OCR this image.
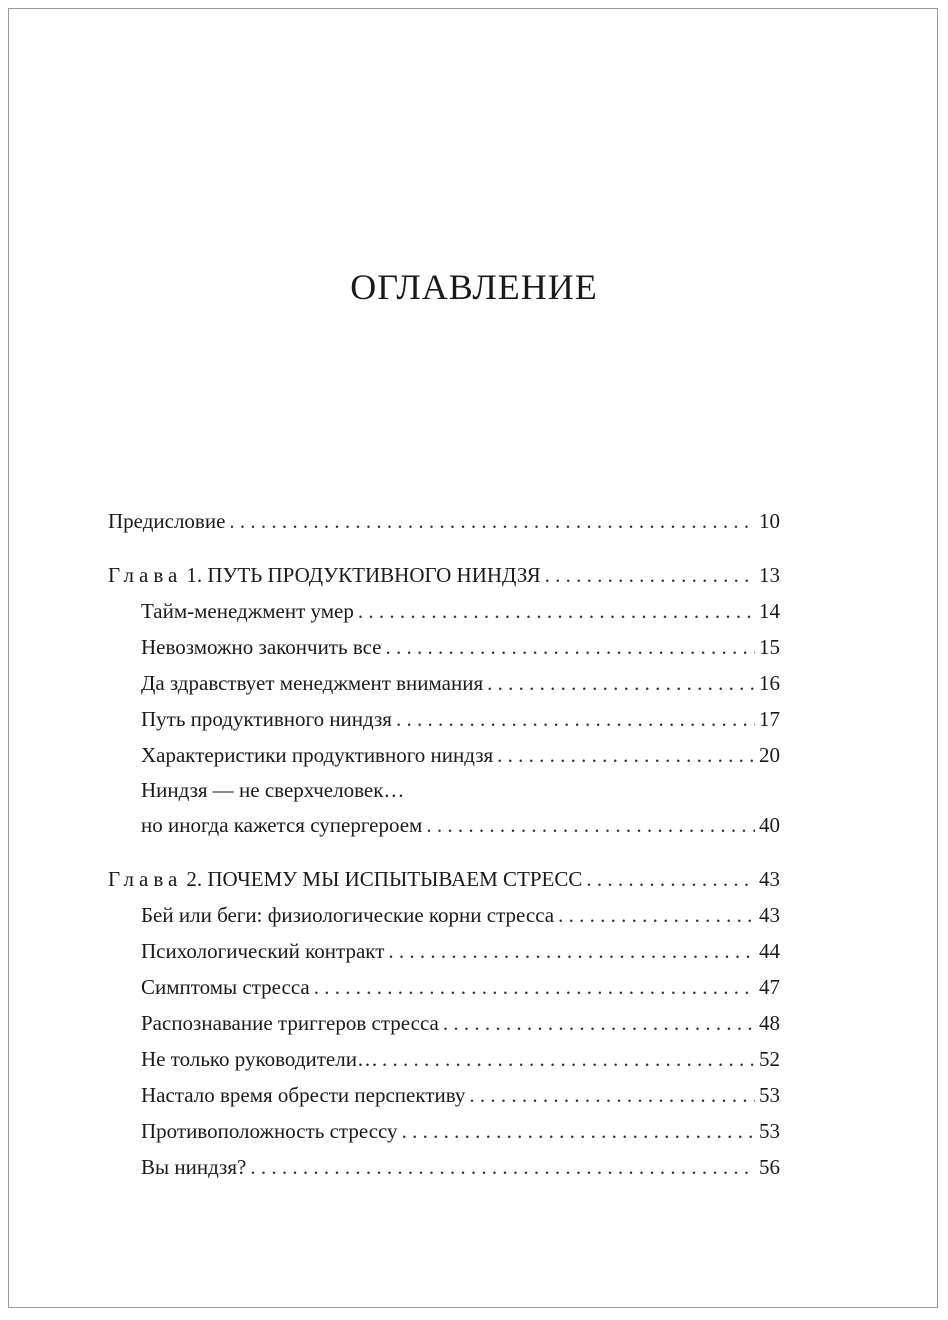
ОГЛАВЛЕНИЕ
Предисловие . . .	10
Глава 1. ПУТЬ ПРОДУКТИВНОГО НИНДЗЯ . . .	13
Тайм-менеджмент умер . . .	14
Невозможно закончить все . . .	15
Да здравствует менеджмент внимания . . .	16
Путь продуктивного ниндзя . . .	17
Характеристики продуктивного ниндзя . . .	20
Ниндзя — не сверхчеловек…
но иногда кажется супергероем . . .	40
Глава 2. ПОЧЕМУ МЫ ИСПЫТЫВАЕМ СТРЕСС . . .	43
Бей или беги: физиологические корни стресса . . .	43
Психологический контракт . . .	44
Симптомы стресса . . .	47
Распознавание триггеров стресса . . .	48
Не только руководители… . . .	52
Настало время обрести перспективу . . .	53
Противоположность стрессу . . .	53
Вы ниндзя? . . .	56
